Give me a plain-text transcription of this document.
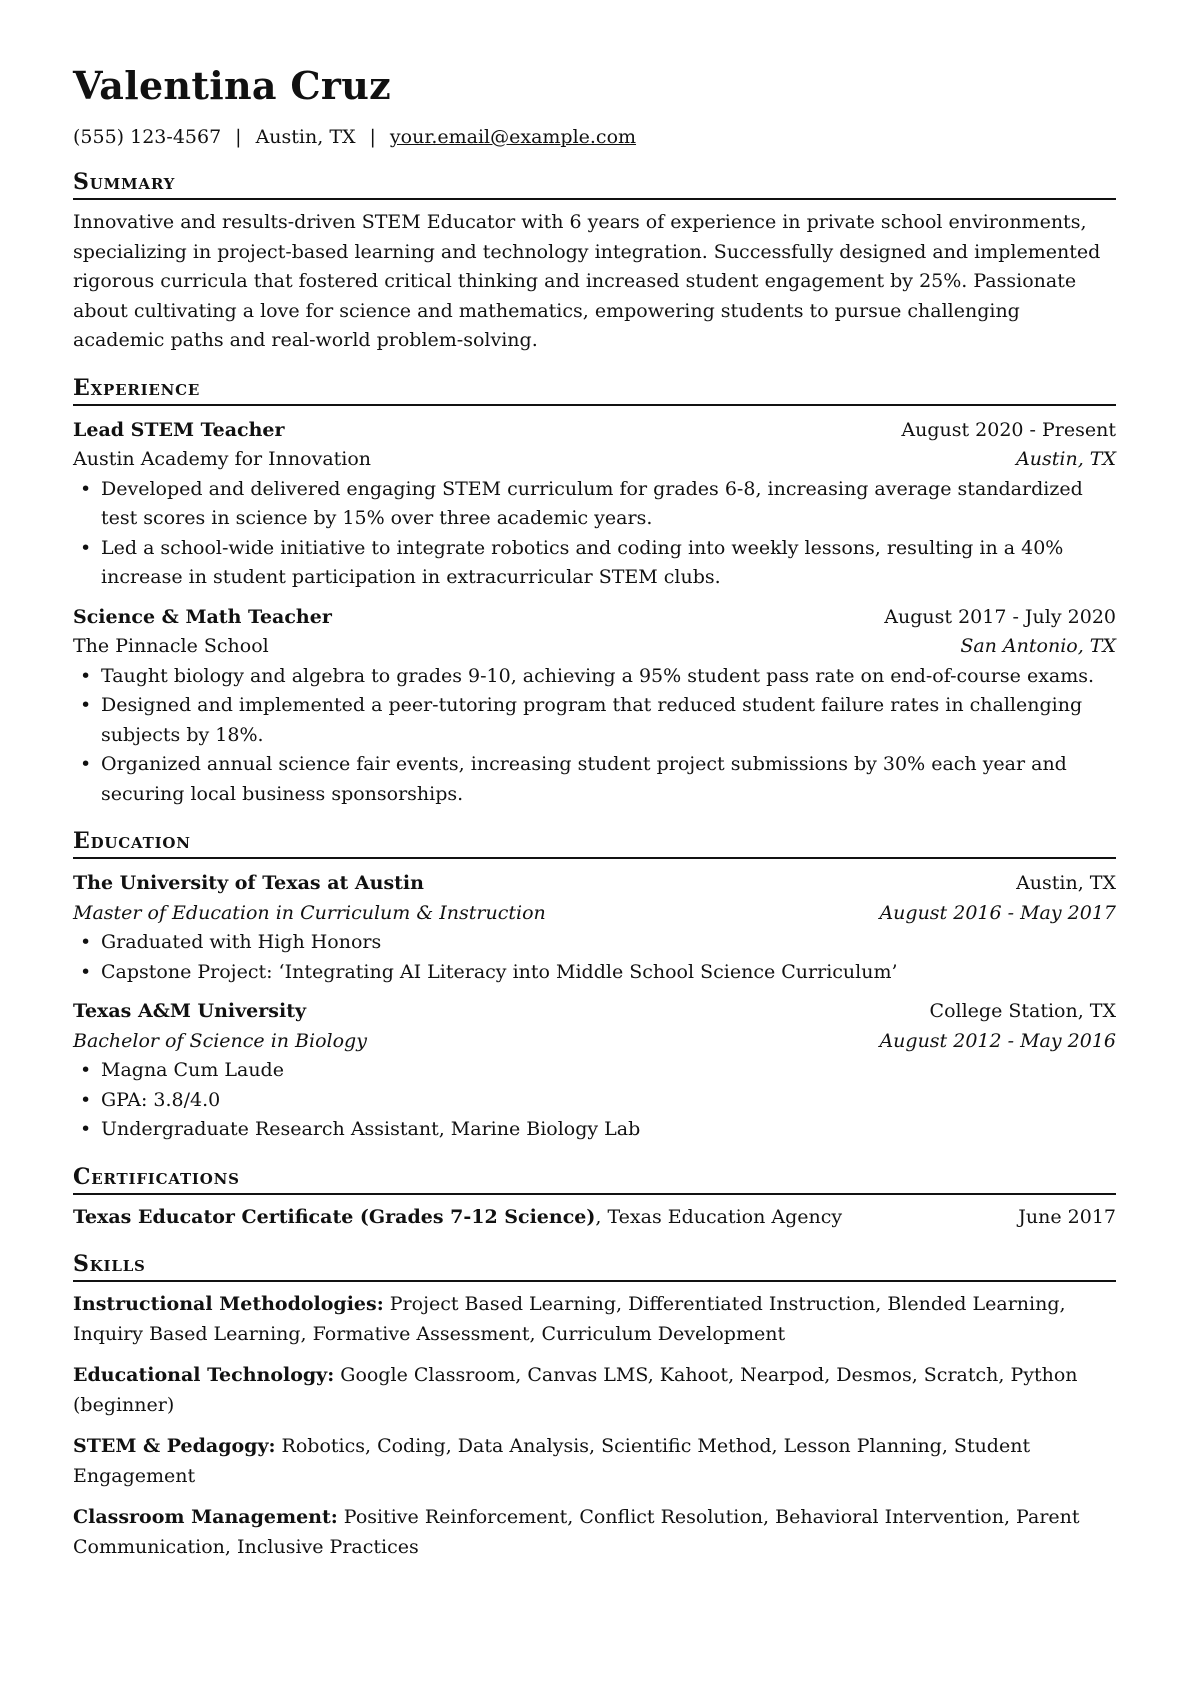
Valentina Cruz
(555) 123-4567 | Austin, TX | your.email@example.com
Summary

Innovative and results-driven STEM Educator with 6 years of experience in private school environments, specializing in project-based learning and technology integration. Successfully designed and implemented rigorous curricula that fostered critical thinking and increased student engagement by 25%. Passionate about cultivating a love for science and mathematics, empowering students to pursue challenging academic paths and real-world problem-solving.

Experience
Lead STEM Teacher	August 2020 - Present
Austin Academy for Innovation	Austin, TX
• Developed and delivered engaging STEM curriculum for grades 6-8, increasing average standardized test scores in science by 15% over three academic years.
• Led a school-wide initiative to integrate robotics and coding into weekly lessons, resulting in a 40% increase in student participation in extracurricular STEM clubs.
Science & Math Teacher	August 2017 - July 2020
The Pinnacle School	San Antonio, TX
• Taught biology and algebra to grades 9-10, achieving a 95% student pass rate on end-of-course exams.
• Designed and implemented a peer-tutoring program that reduced student failure rates in challenging subjects by 18%.
• Organized annual science fair events, increasing student project submissions by 30% each year and securing local business sponsorships.
Education
The University of Texas at Austin	Austin, TX
Master of Education in Curriculum & Instruction	August 2016 - May 2017
• Graduated with High Honors
• Capstone Project: ‘Integrating AI Literacy into Middle School Science Curriculum’
Texas A&M University	College Station, TX
Bachelor of Science in Biology	August 2012 - May 2016
• Magna Cum Laude
• GPA: 3.8/4.0
• Undergraduate Research Assistant, Marine Biology Lab
Certifications
Texas Educator Certificate (Grades 7-12 Science), Texas Education Agency	June 2017
Skills

Instructional Methodologies: Project Based Learning, Differentiated Instruction, Blended Learning, Inquiry Based Learning, Formative Assessment, Curriculum Development

Educational Technology: Google Classroom, Canvas LMS, Kahoot, Nearpod, Desmos, Scratch, Python (beginner)

STEM & Pedagogy: Robotics, Coding, Data Analysis, Scientific Method, Lesson Planning, Student Engagement

Classroom Management: Positive Reinforcement, Conflict Resolution, Behavioral Intervention, Parent Communication, Inclusive Practices
